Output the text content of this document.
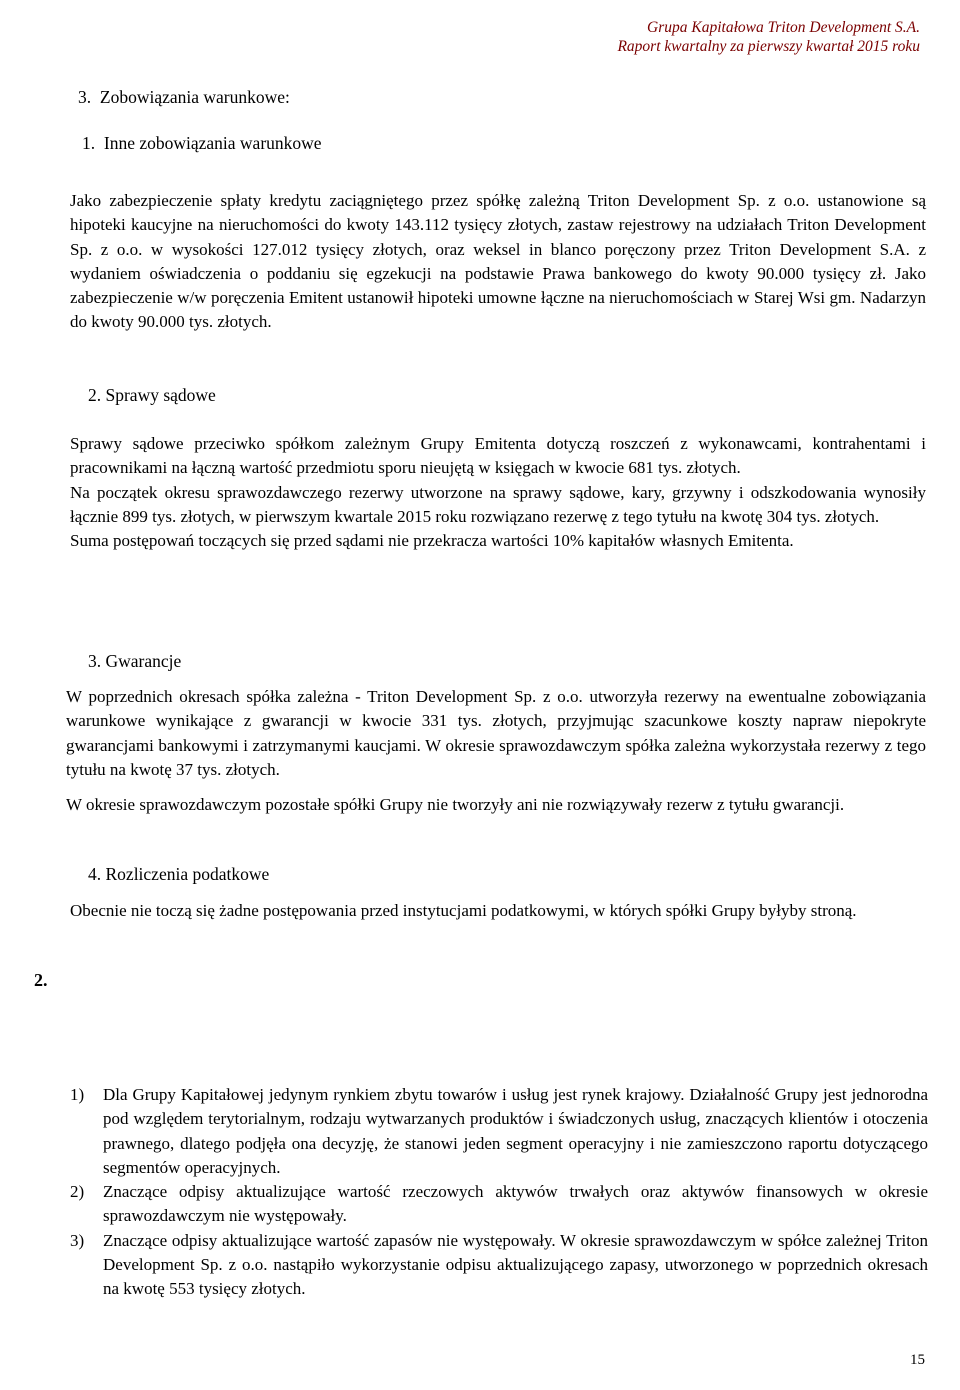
Grupa Kapitałowa Triton Development S.A.
Raport kwartalny za pierwszy kwartał 2015 roku
3.  Zobowiązania warunkowe:
1.  Inne zobowiązania warunkowe

Jako zabezpieczenie spłaty kredytu zaciągniętego przez spółkę zależną Triton Development Sp. z o.o. ustanowione są hipoteki kaucyjne na nieruchomości do kwoty 143.112 tysięcy złotych, zastaw rejestrowy na udziałach Triton Development Sp. z o.o. w wysokości 127.012 tysięcy złotych, oraz weksel in blanco poręczony przez Triton Development S.A. z wydaniem oświadczenia o poddaniu się egzekucji na podstawie Prawa bankowego do kwoty 90.000 tysięcy zł. Jako zabezpieczenie w/w poręczenia Emitent ustanowił hipoteki umowne łączne na nieruchomościach w Starej Wsi gm. Nadarzyn do kwoty 90.000 tys. złotych.

2. Sprawy sądowe

Sprawy sądowe przeciwko spółkom zależnym Grupy Emitenta dotyczą roszczeń z wykonawcami, kontrahentami i pracownikami na łączną wartość przedmiotu sporu nieujętą w księgach w kwocie 681 tys. złotych.

Na początek okresu sprawozdawczego rezerwy utworzone na sprawy sądowe, kary, grzywny i odszkodowania wynosiły łącznie 899 tys. złotych, w pierwszym kwartale 2015 roku rozwiązano rezerwę z tego tytułu na kwotę 304 tys. złotych.

Suma postępowań toczących się przed sądami nie przekracza wartości 10% kapitałów własnych Emitenta.

3. Gwarancje

W poprzednich okresach spółka zależna - Triton Development Sp. z o.o. utworzyła rezerwy na ewentualne zobowiązania warunkowe wynikające z gwarancji w kwocie 331 tys. złotych, przyjmując szacunkowe koszty napraw niepokryte gwarancjami bankowymi i zatrzymanymi kaucjami. W okresie sprawozdawczym spółka zależna wykorzystała rezerwy z tego tytułu na kwotę 37 tys. złotych.

W okresie sprawozdawczym pozostałe spółki Grupy nie tworzyły ani nie rozwiązywały rezerw z tytułu gwarancji.

4. Rozliczenia podatkowe

Obecnie nie toczą się żadne postępowania przed instytucjami podatkowymi, w których spółki Grupy byłyby stroną.

2.
1) Dla Grupy Kapitałowej jedynym rynkiem zbytu towarów i usług jest rynek krajowy. Działalność Grupy jest jednorodna pod względem terytorialnym, rodzaju wytwarzanych produktów i świadczonych usług, znaczących klientów i otoczenia prawnego, dlatego podjęła ona decyzję, że stanowi jeden segment operacyjny i nie zamieszczono raportu dotyczącego segmentów operacyjnych.
2) Znaczące odpisy aktualizujące wartość rzeczowych aktywów trwałych oraz aktywów finansowych w okresie sprawozdawczym nie występowały.
3) Znaczące odpisy aktualizujące wartość zapasów nie występowały. W okresie sprawozdawczym w spółce zależnej Triton Development Sp. z o.o. nastąpiło wykorzystanie odpisu aktualizującego zapasy, utworzonego w poprzednich okresach na kwotę 553 tysięcy złotych.
15
